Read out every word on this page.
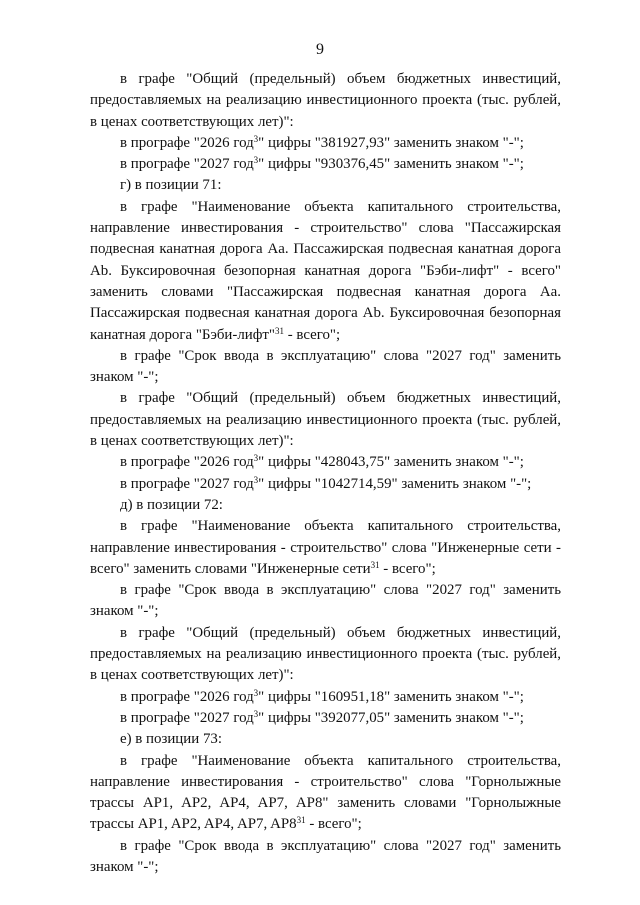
9

в графе "Общий (предельный) объем бюджетных инвестиций, предоставляемых на реализацию инвестиционного проекта (тыс. рублей, в ценах соответствующих лет)":

в прографе "2026 год$^3$" цифры "381927,93" заменить знаком "-";

в прографе "2027 год$^3$" цифры "930376,45" заменить знаком "-";

г) в позиции 71:

в графе "Наименование объекта капитального строительства, направление инвестирования - строительство" слова "Пассажирская подвесная канатная дорога Aa. Пассажирская подвесная канатная дорога Ab. Буксировочная безопорная канатная дорога "Бэби-лифт" - всего" заменить словами "Пассажирская подвесная канатная дорога Aa. Пассажирская подвесная канатная дорога Ab. Буксировочная безопорная канатная дорога "Бэби-лифт"$^{31}$ - всего";

в графе "Срок ввода в эксплуатацию" слова "2027 год" заменить знаком "-";

в графе "Общий (предельный) объем бюджетных инвестиций, предоставляемых на реализацию инвестиционного проекта (тыс. рублей, в ценах соответствующих лет)":

в прографе "2026 год$^3$" цифры "428043,75" заменить знаком "-";

в прографе "2027 год$^3$" цифры "1042714,59" заменить знаком "-";

д) в позиции 72:

в графе "Наименование объекта капитального строительства, направление инвестирования - строительство" слова "Инженерные сети - всего" заменить словами "Инженерные сети$^{31}$ - всего";

в графе "Срок ввода в эксплуатацию" слова "2027 год" заменить знаком "-";

в графе "Общий (предельный) объем бюджетных инвестиций, предоставляемых на реализацию инвестиционного проекта (тыс. рублей, в ценах соответствующих лет)":

в прографе "2026 год$^3$" цифры "160951,18" заменить знаком "-";

в прографе "2027 год$^3$" цифры "392077,05" заменить знаком "-";

е) в позиции 73:

в графе "Наименование объекта капитального строительства, направление инвестирования - строительство" слова "Горнолыжные трассы AP1, AP2, AP4, AP7, AP8" заменить словами "Горнолыжные трассы AP1, AP2, AP4, AP7, $AP8^{31}$ - всего";

в графе "Срок ввода в эксплуатацию" слова "2027 год" заменить знаком "-";
